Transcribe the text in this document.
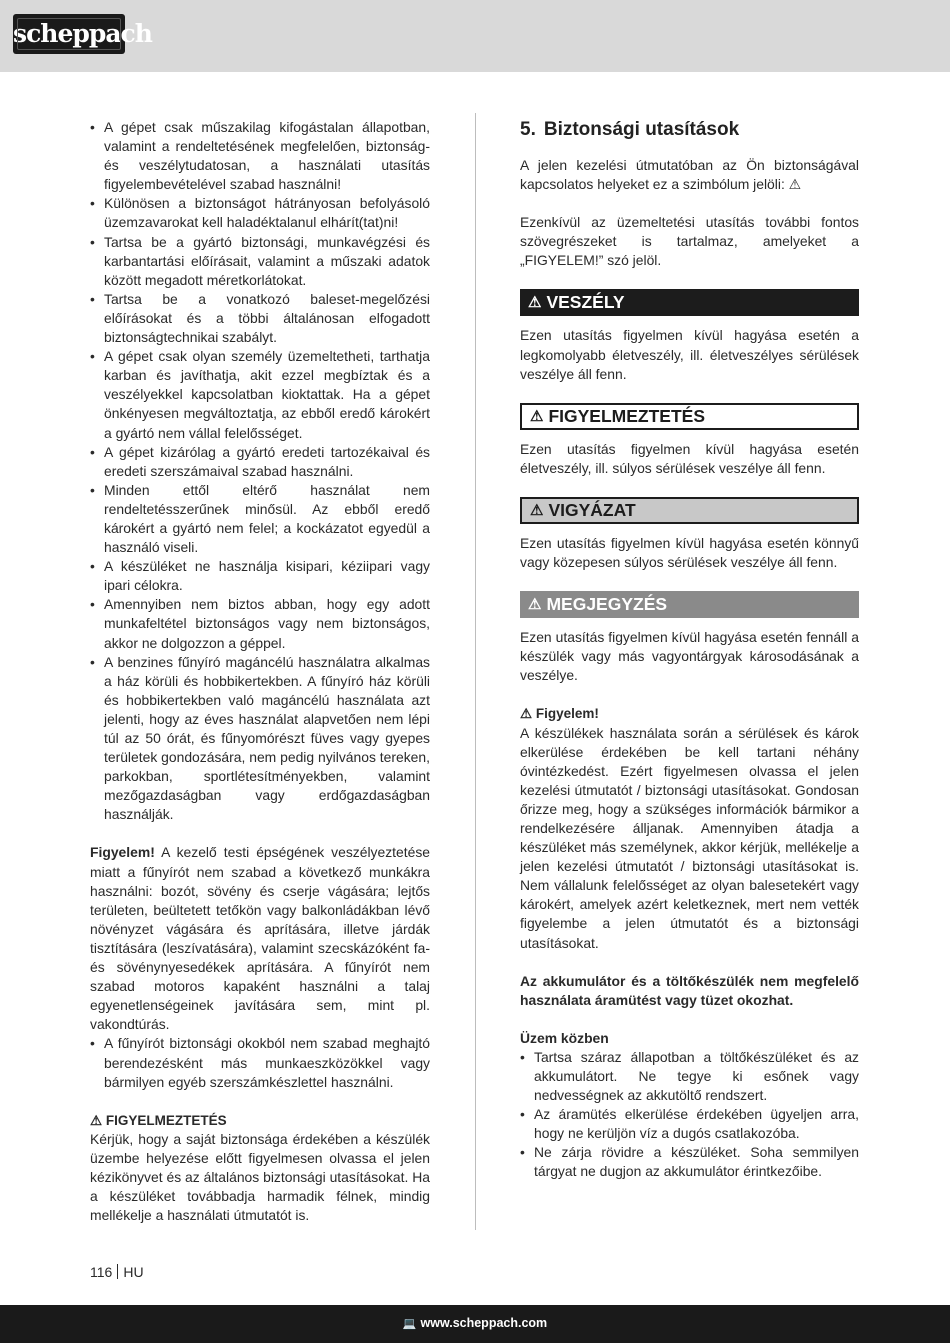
scheppach
• A gépet csak műszakilag kifogástalan állapotban, valamint a rendeltetésének megfelelően, biztonság- és veszélytudatosan, a használati utasítás figyelembevételével szabad használni!
• Különösen a biztonságot hátrányosan befolyásoló üzemzavarokat kell haladéktalanul elhárít(tat)ni!
• Tartsa be a gyártó biztonsági, munkavégzési és karbantartási előírásait, valamint a műszaki adatok között megadott méretkorlátokat.
• Tartsa be a vonatkozó baleset-megelőzési előírásokat és a többi általánosan elfogadott biztonságtechnikai szabályt.
• A gépet csak olyan személy üzemeltetheti, tarthatja karban és javíthatja, akit ezzel megbíztak és a veszélyekkel kapcsolatban kioktattak. Ha a gépet önkényesen megváltoztatja, az ebből eredő károkért a gyártó nem vállal felelősséget.
• A gépet kizárólag a gyártó eredeti tartozékaival és eredeti szerszámaival szabad használni.
• Minden ettől eltérő használat nem rendeltetésszerűnek minősül. Az ebből eredő károkért a gyártó nem felel; a kockázatot egyedül a használó viseli.
• A készüléket ne használja kisipari, kéziipari vagy ipari célokra.
• Amennyiben nem biztos abban, hogy egy adott munkafeltétel biztonságos vagy nem biztonságos, akkor ne dolgozzon a géppel.
• A benzines fűnyíró magáncélú használatra alkalmas a ház körüli és hobbikertekben. A fűnyíró ház körüli és hobbikertekben való magáncélú használata azt jelenti, hogy az éves használat alapvetően nem lépi túl az 50 órát, és fűnyomórészt füves vagy gyepes területek gondozására, nem pedig nyilvános tereken, parkokban, sportlétesítményekben, valamint mezőgazdaságban vagy erdőgazdaságban használják.

Figyelem! A kezelő testi épségének veszélyeztetése miatt a fűnyírót nem szabad a következő munkákra használni: bozót, sövény és cserje vágására; lejtős területen, beültetett tetőkön vagy balkonládákban lévő növényzet vágására és aprítására, illetve járdák tisztítására (leszívatására), valamint szecskázóként fa- és sövénynyesedékek aprítására. A fűnyírót nem szabad motoros kapaként használni a talaj egyenetlenségeinek javítására sem, mint pl. vakondtúrás.

• A fűnyírót biztonsági okokból nem szabad meghajtó berendezésként más munkaeszközökkel vagy bármilyen egyéb szerszámkészlettel használni.

⚠ FIGYELMEZTETÉS

Kérjük, hogy a saját biztonsága érdekében a készülék üzembe helyezése előtt figyelmesen olvassa el jelen kézikönyvet és az általános biztonsági utasításokat. Ha a készüléket továbbadja harmadik félnek, mindig mellékelje a használati útmutatót is.

5. Biztonsági utasítások

A jelen kezelési útmutatóban az Ön biztonságával kapcsolatos helyeket ez a szimbólum jelöli: ⚠

Ezenkívül az üzemeltetési utasítás további fontos szövegrészeket is tartalmaz, amelyeket a „FIGYELEM!” szó jelöl.

⚠ VESZÉLY

Ezen utasítás figyelmen kívül hagyása esetén a legkomolyabb életveszély, ill. életveszélyes sérülések veszélye áll fenn.

⚠ FIGYELMEZTETÉS

Ezen utasítás figyelmen kívül hagyása esetén életveszély, ill. súlyos sérülések veszélye áll fenn.

⚠ VIGYÁZAT

Ezen utasítás figyelmen kívül hagyása esetén könnyű vagy közepesen súlyos sérülések veszélye áll fenn.

⚠ MEGJEGYZÉS

Ezen utasítás figyelmen kívül hagyása esetén fennáll a készülék vagy más vagyontárgyak károsodásának a veszélye.

⚠ Figyelem!

A készülékek használata során a sérülések és károk elkerülése érdekében be kell tartani néhány óvintézkedést. Ezért figyelmesen olvassa el jelen kezelési útmutatót / biztonsági utasításokat. Gondosan őrizze meg, hogy a szükséges információk bármikor a rendelkezésére álljanak. Amennyiben átadja a készüléket más személynek, akkor kérjük, mellékelje a jelen kezelési útmutatót / biztonsági utasításokat is. Nem vállalunk felelősséget az olyan balesetekért vagy károkért, amelyek azért keletkeznek, mert nem vették figyelembe a jelen útmutatót és a biztonsági utasításokat.

Az akkumulátor és a töltőkészülék nem megfelelő használata áramütést vagy tüzet okozhat.

Üzem közben

• Tartsa száraz állapotban a töltőkészüléket és az akkumulátort. Ne tegye ki esőnek vagy nedvességnek az akkutöltő rendszert.
• Az áramütés elkerülése érdekében ügyeljen arra, hogy ne kerüljön víz a dugós csatlakozóba.
• Ne zárja rövidre a készüléket. Soha semmilyen tárgyat ne dugjon az akkumulátor érintkezőibe.
116 HU
💻 www.scheppach.com
